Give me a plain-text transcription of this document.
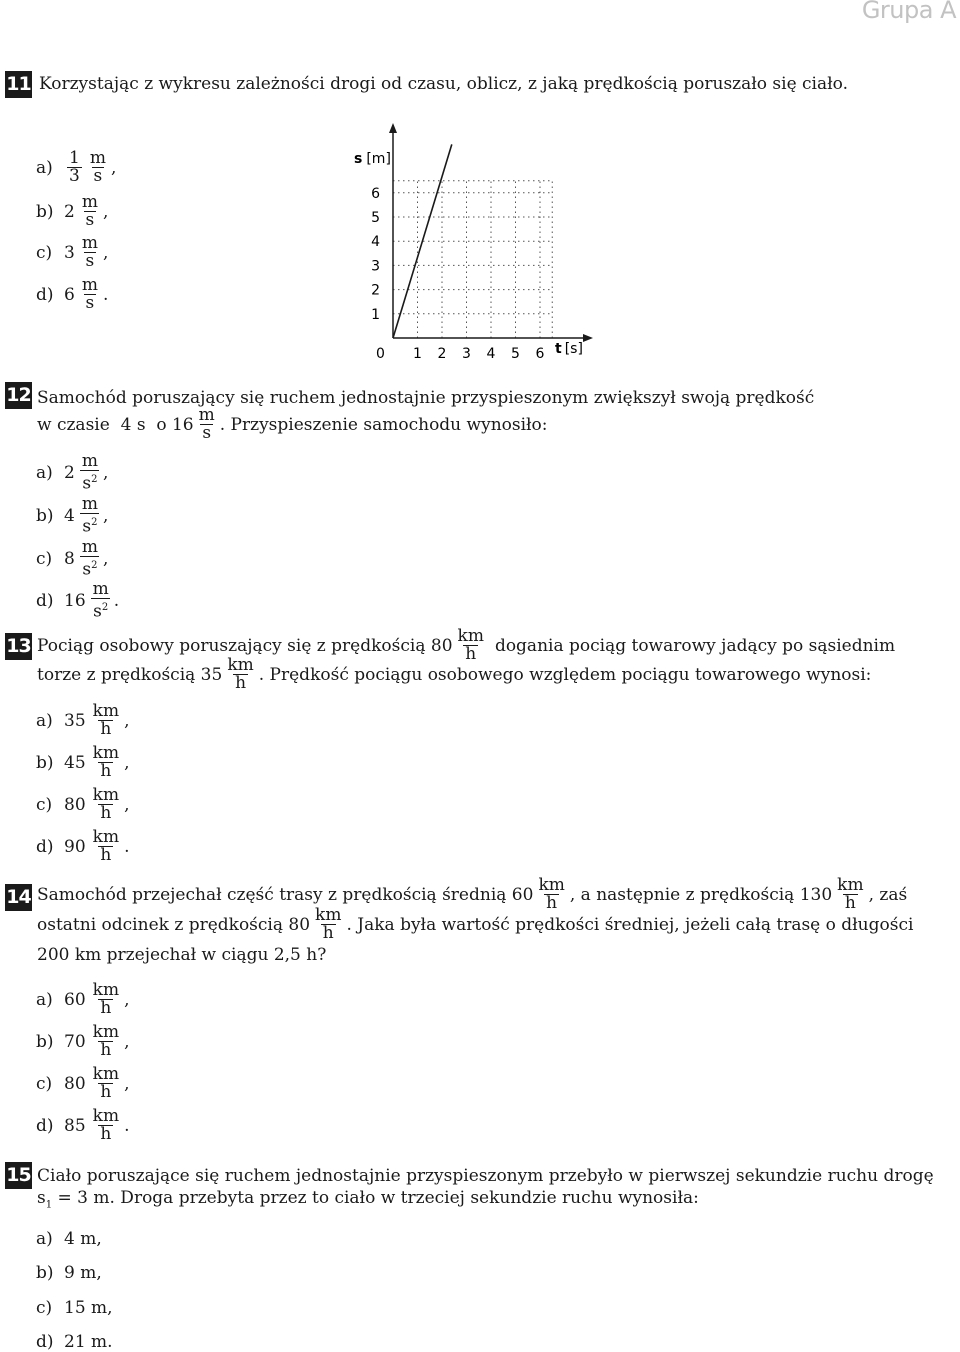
Grupa A
11 Korzystając z wykresu zależności drogi od czasu, oblicz, z jaką prędkością poruszało się ciało.
$a) \frac{1}{3} \frac{m}{s}$ ,
b) $2 \frac{m}{s}$ ,
c) $3 \frac{m}{s}$ ,
d) $6 \frac{m}{s}$ .
1 2 3 4 5 6
1
2
3
4
5
6
s [m]
t [s]
0
12 Samochód poruszający się ruchem jednostajnie przyspieszonym zwiększył swoją prędkość
w czasie  4 s  o $16 \frac{m}{s}$ . Przyspieszenie samochodu wynosiło:
a) $2 \frac{m}{s^2}$ ,
b) $4 \frac{m}{s^2}$ ,
c) $8 \frac{m}{s^2}$ ,
d) $16 \frac{m}{s^2}$ .
13 Pociąg osobowy poruszający się z prędkością $80 \frac{km}{h}$ dogania pociąg towarowy jadący po sąsiednim
torze z prędkością $35 \frac{km}{h}$ . Prędkość pociągu osobowego względem pociągu towarowego wynosi:
a) $35 \frac{km}{h}$ ,
b) $45 \frac{km}{h}$ ,
c) $80 \frac{km}{h}$ ,
d) $90 \frac{km}{h}$ .
14 Samochód przejechał część trasy z prędkością średnią $60 \frac{km}{h}$ , a następnie z prędkością $130 \frac{km}{h}$ , zaś
ostatni odcinek z prędkością $80 \frac{km}{h}$ . Jaka była wartość prędkości średniej, jeżeli całą trasę o długości
200 km przejechał w ciągu 2,5 h?
a) $60 \frac{km}{h}$ ,
b) $70 \frac{km}{h}$ ,
c) $80 \frac{km}{h}$ ,
d) $85 \frac{km}{h}$ .
15 Ciało poruszające się ruchem jednostajnie przyspieszonym przebyło w pierwszej sekundzie ruchu drogę
$s_1 = 3$ m. Droga przebyta przez to ciało w trzeciej sekundzie ruchu wynosiła:
a) 4 m,
b) 9 m,
c) 15 m,
d) 21 m.
